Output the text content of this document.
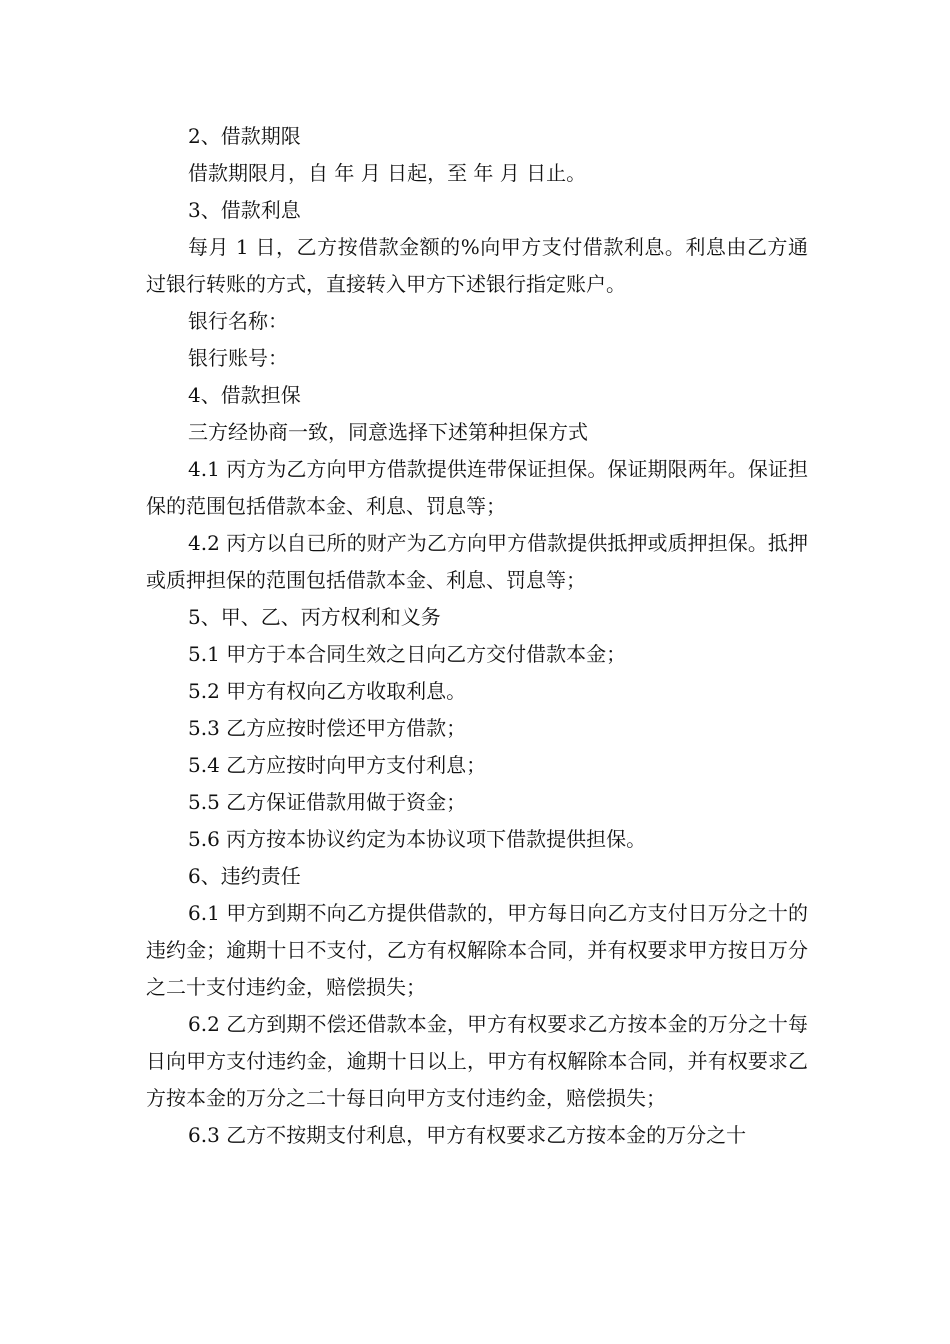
2、借款期限

借款期限月，自 年 月 日起，至 年 月 日止。

3、借款利息

每月 1 日，乙方按借款金额的%向甲方支付借款利息。利息由乙方通过银行转账的方式，直接转入甲方下述银行指定账户。

银行名称：

银行账号：

4、借款担保

三方经协商一致，同意选择下述第种担保方式

4.1 丙方为乙方向甲方借款提供连带保证担保。保证期限两年。保证担保的范围包括借款本金、利息、罚息等；

4.2 丙方以自已所的财产为乙方向甲方借款提供抵押或质押担保。抵押或质押担保的范围包括借款本金、利息、罚息等；

5、甲、乙、丙方权利和义务

5.1 甲方于本合同生效之日向乙方交付借款本金；

5.2 甲方有权向乙方收取利息。

5.3 乙方应按时偿还甲方借款；

5.4 乙方应按时向甲方支付利息；

5.5 乙方保证借款用做于资金；

5.6 丙方按本协议约定为本协议项下借款提供担保。

6、违约责任

6.1 甲方到期不向乙方提供借款的，甲方每日向乙方支付日万分之十的违约金；逾期十日不支付，乙方有权解除本合同，并有权要求甲方按日万分之二十支付违约金，赔偿损失；

6.2 乙方到期不偿还借款本金，甲方有权要求乙方按本金的万分之十每日向甲方支付违约金，逾期十日以上，甲方有权解除本合同，并有权要求乙方按本金的万分之二十每日向甲方支付违约金，赔偿损失；

6.3 乙方不按期支付利息，甲方有权要求乙方按本金的万分之十
